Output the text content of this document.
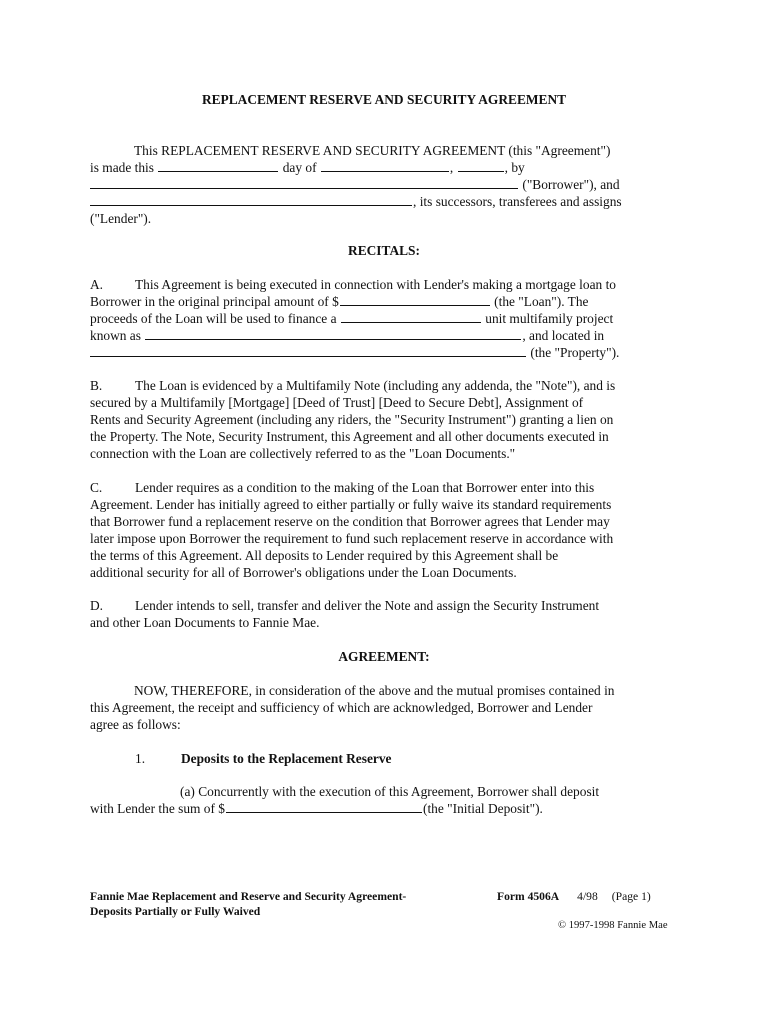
REPLACEMENT RESERVE AND SECURITY AGREEMENT
This REPLACEMENT RESERVE AND SECURITY AGREEMENT (this "Agreement")
is made this	day of	,	, by
("Borrower"), and
, its successors, transferees and assigns
("Lender").
RECITALS:
A. This Agreement is being executed in connection with Lender's making a mortgage loan to
Borrower in the original principal amount of $	(the "Loan"). The
proceeds of the Loan will be used to finance a	unit multifamily project
known as	, and located in
(the "Property").
B. The Loan is evidenced by a Multifamily Note (including any addenda, the "Note"), and is
secured by a Multifamily [Mortgage] [Deed of Trust] [Deed to Secure Debt], Assignment of
Rents and Security Agreement (including any riders, the "Security Instrument") granting a lien on
the Property. The Note, Security Instrument, this Agreement and all other documents executed in
connection with the Loan are collectively referred to as the "Loan Documents."
C. Lender requires as a condition to the making of the Loan that Borrower enter into this
Agreement. Lender has initially agreed to either partially or fully waive its standard requirements
that Borrower fund a replacement reserve on the condition that Borrower agrees that Lender may
later impose upon Borrower the requirement to fund such replacement reserve in accordance with
the terms of this Agreement. All deposits to Lender required by this Agreement shall be
additional security for all of Borrower's obligations under the Loan Documents.
D. Lender intends to sell, transfer and deliver the Note and assign the Security Instrument
and other Loan Documents to Fannie Mae.
AGREEMENT:
NOW, THEREFORE, in consideration of the above and the mutual promises contained in
this Agreement, the receipt and sufficiency of which are acknowledged, Borrower and Lender
agree as follows:
1.	Deposits to the Replacement Reserve
(a) Concurrently with the execution of this Agreement, Borrower shall deposit
with Lender the sum of $	(the "Initial Deposit").
Fannie Mae Replacement and Reserve and Security Agreement-
Deposits Partially or Fully Waived
Form 4506A 4/98 (Page 1)
© 1997-1998 Fannie Mae
